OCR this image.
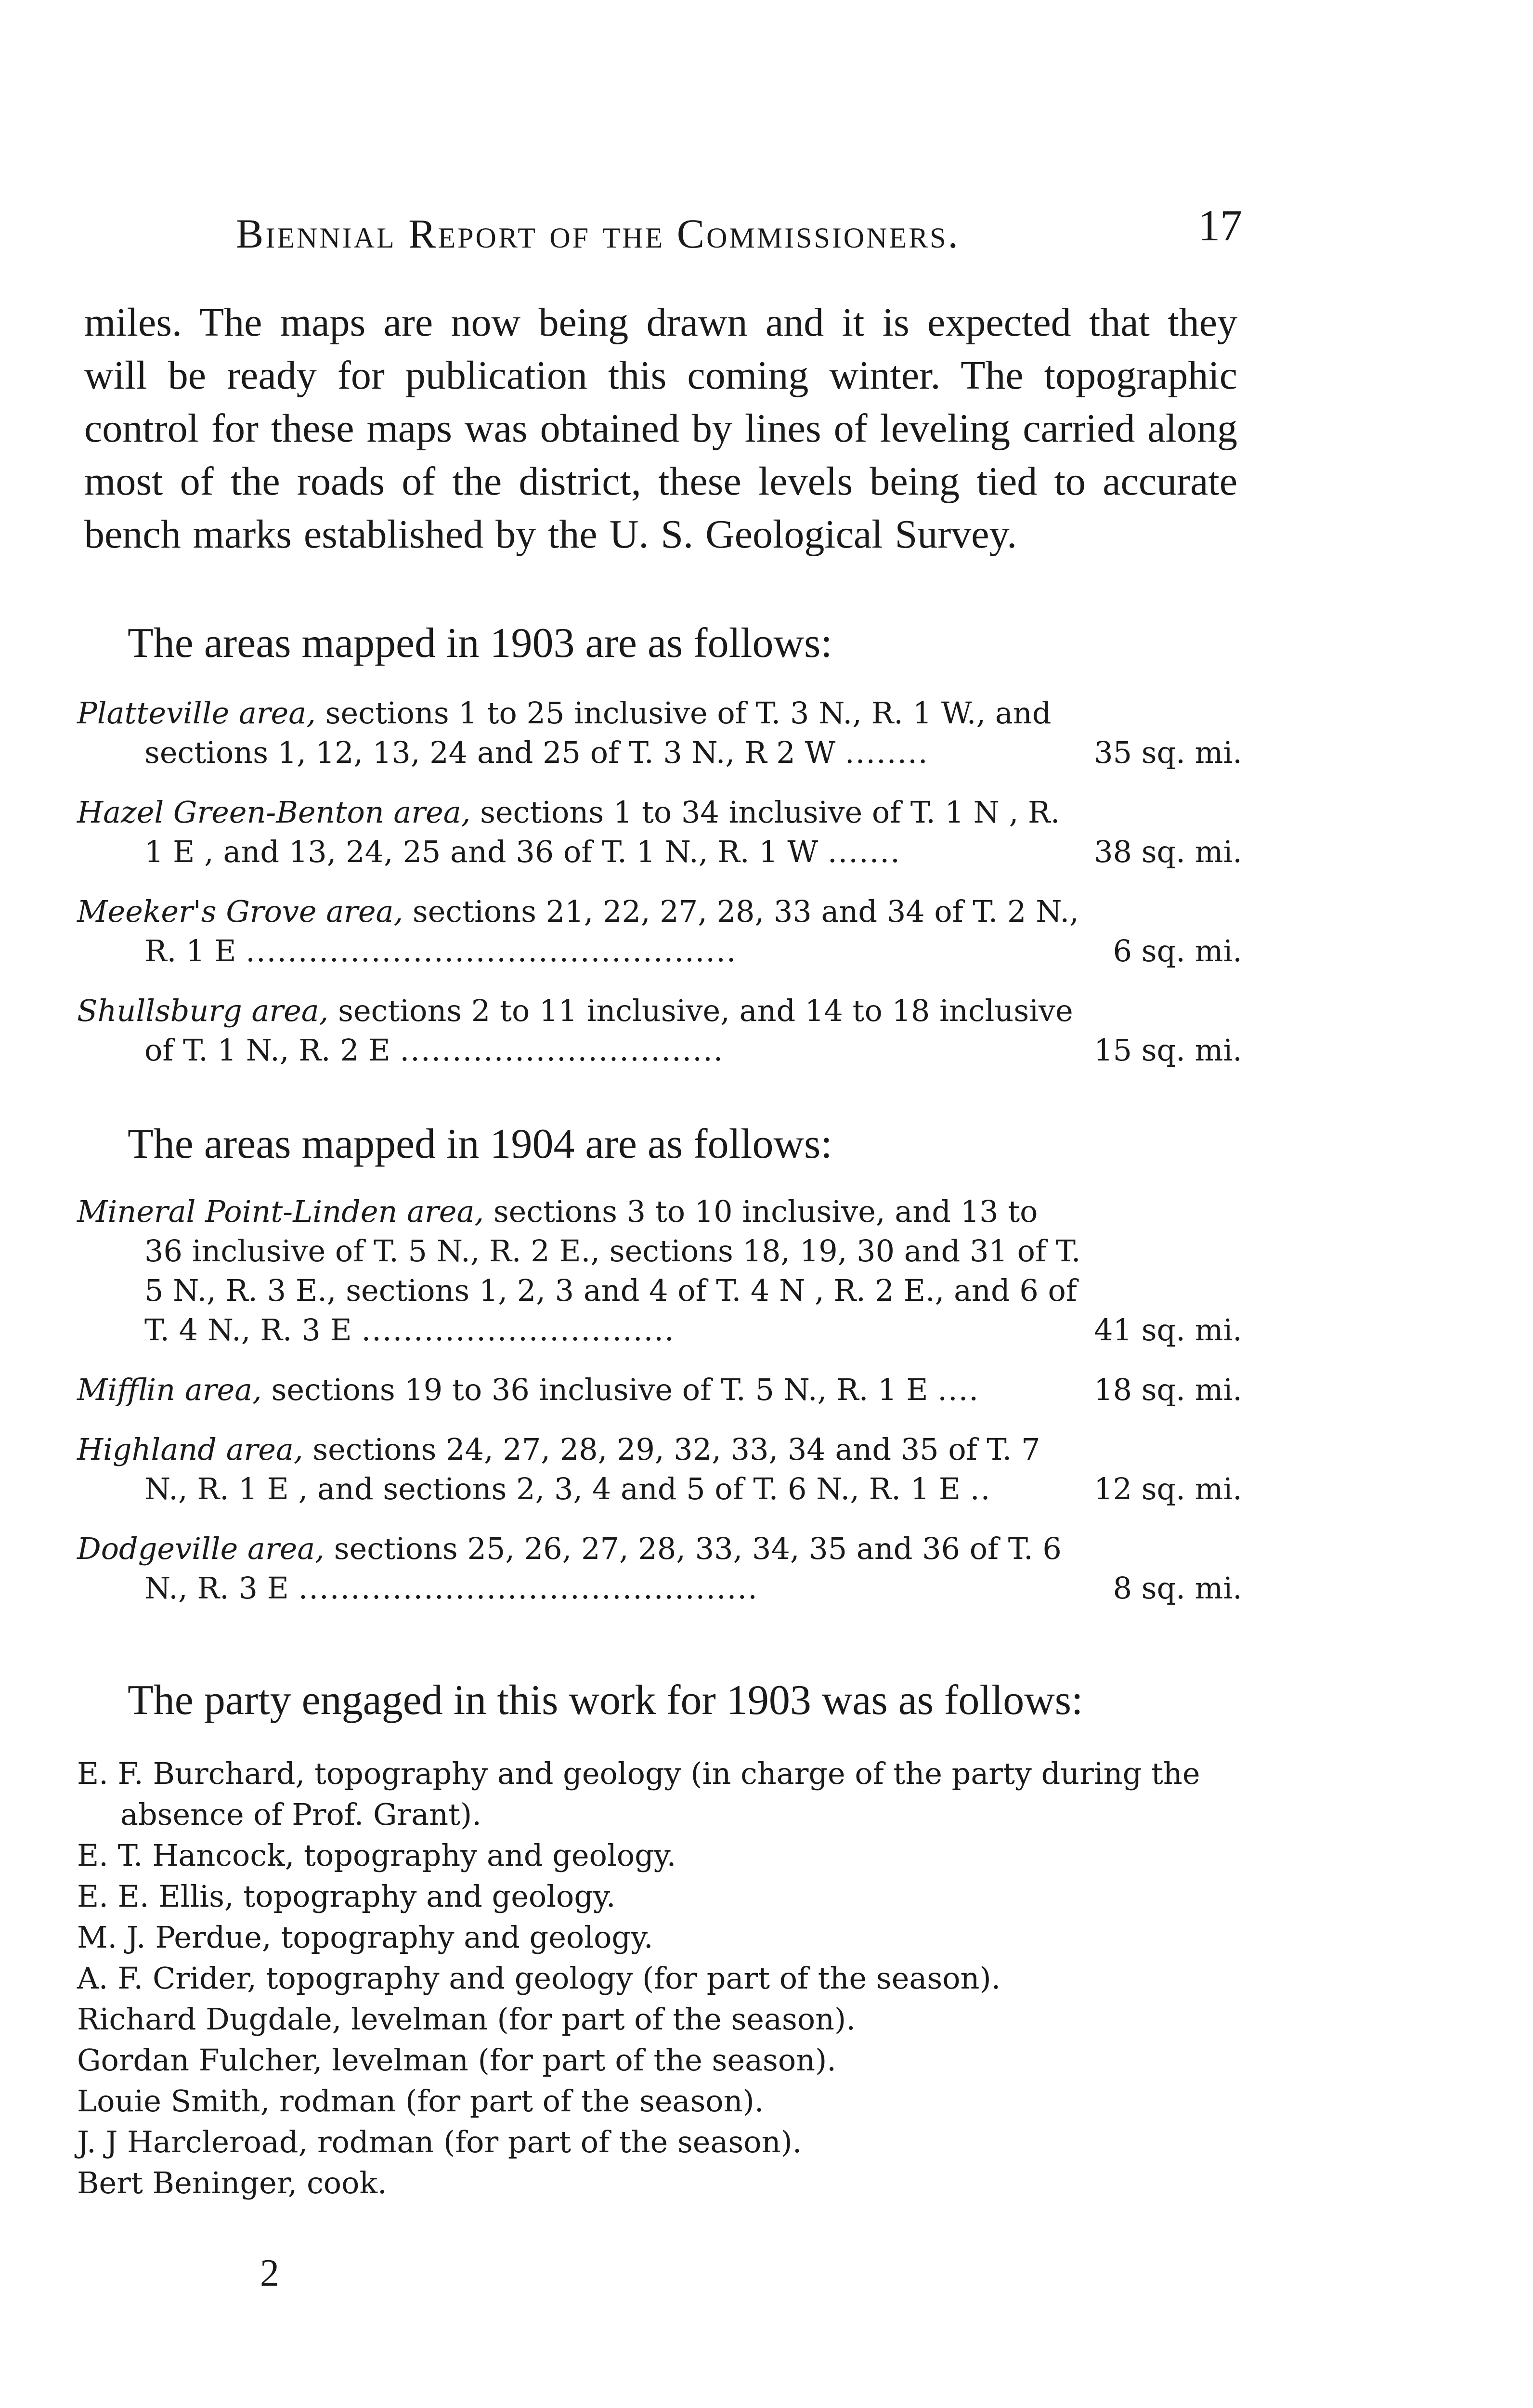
Biennial Report of the Commissioners.	17
miles. The maps are now being drawn and it is expected that they will be ready for publication this coming winter. The topographic control for these maps was obtained by lines of leveling carried along most of the roads of the district, these levels being tied to accurate bench marks established by the U. S. Geological Survey.
The areas mapped in 1903 are as follows:
Platteville area, sections 1 to 25 inclusive of T. 3 N., R. 1 W., and sections 1, 12, 13, 24 and 25 of T. 3 N., R 2 W ........	35 sq. mi.
Hazel Green-Benton area, sections 1 to 34 inclusive of T. 1 N , R. 1 E , and 13, 24, 25 and 36 of T. 1 N., R. 1 W .......	38 sq. mi.
Meeker's Grove area, sections 21, 22, 27, 28, 33 and 34 of T. 2 N., R. 1 E ...............................................	6 sq. mi.
Shullsburg area, sections 2 to 11 inclusive, and 14 to 18 inclusive of T. 1 N., R. 2 E ...............................	15 sq. mi.
The areas mapped in 1904 are as follows:
Mineral Point-Linden area, sections 3 to 10 inclusive, and 13 to 36 inclusive of T. 5 N., R. 2 E., sections 18, 19, 30 and 31 of T. 5 N., R. 3 E., sections 1, 2, 3 and 4 of T. 4 N , R. 2 E., and 6 of T. 4 N., R. 3 E ..............................	41 sq. mi.
Mifflin area, sections 19 to 36 inclusive of T. 5 N., R. 1 E ....	18 sq. mi.
Highland area, sections 24, 27, 28, 29, 32, 33, 34 and 35 of T. 7 N., R. 1 E , and sections 2, 3, 4 and 5 of T. 6 N., R. 1 E ..	12 sq. mi.
Dodgeville area, sections 25, 26, 27, 28, 33, 34, 35 and 36 of T. 6 N., R. 3 E ............................................	8 sq. mi.
The party engaged in this work for 1903 was as follows:
E. F. Burchard, topography and geology (in charge of the party during the absence of Prof. Grant).
E. T. Hancock, topography and geology.
E. E. Ellis, topography and geology.
M. J. Perdue, topography and geology.
A. F. Crider, topography and geology (for part of the season).
Richard Dugdale, levelman (for part of the season).
Gordan Fulcher, levelman (for part of the season).
Louie Smith, rodman (for part of the season).
J. J Harcleroad, rodman (for part of the season).
Bert Beninger, cook.
2
